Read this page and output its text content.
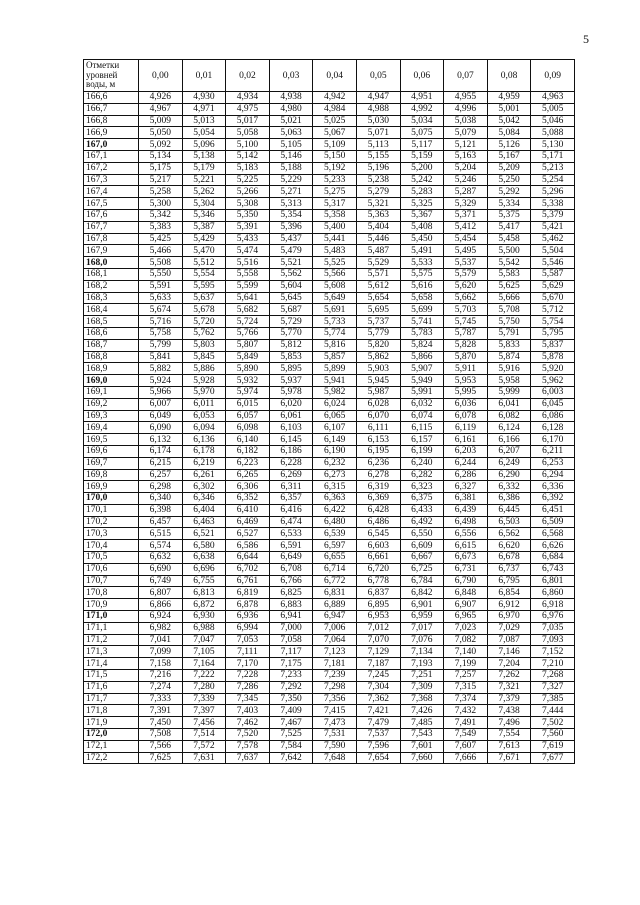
5
Отметки
уровней
воды, м	0,00	0,01	0,02	0,03	0,04	0,05	0,06	0,07	0,08	0,09
166,6	4,926	4,930	4,934	4,938	4,942	4,947	4,951	4,955	4,959	4,963
166,7	4,967	4,971	4,975	4,980	4,984	4,988	4,992	4,996	5,001	5,005
166,8	5,009	5,013	5,017	5,021	5,025	5,030	5,034	5,038	5,042	5,046
166,9	5,050	5,054	5,058	5,063	5,067	5,071	5,075	5,079	5,084	5,088
167,0	5,092	5,096	5,100	5,105	5,109	5,113	5,117	5,121	5,126	5,130
167,1	5,134	5,138	5,142	5,146	5,150	5,155	5,159	5,163	5,167	5,171
167,2	5,175	5,179	5,183	5,188	5,192	5,196	5,200	5,204	5,209	5,213
167,3	5,217	5,221	5,225	5,229	5,233	5,238	5,242	5,246	5,250	5,254
167,4	5,258	5,262	5,266	5,271	5,275	5,279	5,283	5,287	5,292	5,296
167,5	5,300	5,304	5,308	5,313	5,317	5,321	5,325	5,329	5,334	5,338
167,6	5,342	5,346	5,350	5,354	5,358	5,363	5,367	5,371	5,375	5,379
167,7	5,383	5,387	5,391	5,396	5,400	5,404	5,408	5,412	5,417	5,421
167,8	5,425	5,429	5,433	5,437	5,441	5,446	5,450	5,454	5,458	5,462
167,9	5,466	5,470	5,474	5,479	5,483	5,487	5,491	5,495	5,500	5,504
168,0	5,508	5,512	5,516	5,521	5,525	5,529	5,533	5,537	5,542	5,546
168,1	5,550	5,554	5,558	5,562	5,566	5,571	5,575	5,579	5,583	5,587
168,2	5,591	5,595	5,599	5,604	5,608	5,612	5,616	5,620	5,625	5,629
168,3	5,633	5,637	5,641	5,645	5,649	5,654	5,658	5,662	5,666	5,670
168,4	5,674	5,678	5,682	5,687	5,691	5,695	5,699	5,703	5,708	5,712
168,5	5,716	5,720	5,724	5,729	5,733	5,737	5,741	5,745	5,750	5,754
168,6	5,758	5,762	5,766	5,770	5,774	5,779	5,783	5,787	5,791	5,795
168,7	5,799	5,803	5,807	5,812	5,816	5,820	5,824	5,828	5,833	5,837
168,8	5,841	5,845	5,849	5,853	5,857	5,862	5,866	5,870	5,874	5,878
168,9	5,882	5,886	5,890	5,895	5,899	5,903	5,907	5,911	5,916	5,920
169,0	5,924	5,928	5,932	5,937	5,941	5,945	5,949	5,953	5,958	5,962
169,1	5,966	5,970	5,974	5,978	5,982	5,987	5,991	5,995	5,999	6,003
169,2	6,007	6,011	6,015	6,020	6,024	6,028	6,032	6,036	6,041	6,045
169,3	6,049	6,053	6,057	6,061	6,065	6,070	6,074	6,078	6,082	6,086
169,4	6,090	6,094	6,098	6,103	6,107	6,111	6,115	6,119	6,124	6,128
169,5	6,132	6,136	6,140	6,145	6,149	6,153	6,157	6,161	6,166	6,170
169,6	6,174	6,178	6,182	6,186	6,190	6,195	6,199	6,203	6,207	6,211
169,7	6,215	6,219	6,223	6,228	6,232	6,236	6,240	6,244	6,249	6,253
169,8	6,257	6,261	6,265	6,269	6,273	6,278	6,282	6,286	6,290	6,294
169,9	6,298	6,302	6,306	6,311	6,315	6,319	6,323	6,327	6,332	6,336
170,0	6,340	6,346	6,352	6,357	6,363	6,369	6,375	6,381	6,386	6,392
170,1	6,398	6,404	6,410	6,416	6,422	6,428	6,433	6,439	6,445	6,451
170,2	6,457	6,463	6,469	6,474	6,480	6,486	6,492	6,498	6,503	6,509
170,3	6,515	6,521	6,527	6,533	6,539	6,545	6,550	6,556	6,562	6,568
170,4	6,574	6,580	6,586	6,591	6,597	6,603	6,609	6,615	6,620	6,626
170,5	6,632	6,638	6,644	6,649	6,655	6,661	6,667	6,673	6,678	6,684
170,6	6,690	6,696	6,702	6,708	6,714	6,720	6,725	6,731	6,737	6,743
170,7	6,749	6,755	6,761	6,766	6,772	6,778	6,784	6,790	6,795	6,801
170,8	6,807	6,813	6,819	6,825	6,831	6,837	6,842	6,848	6,854	6,860
170,9	6,866	6,872	6,878	6,883	6,889	6,895	6,901	6,907	6,912	6,918
171,0	6,924	6,930	6,936	6,941	6,947	6,953	6,959	6,965	6,970	6,976
171,1	6,982	6,988	6,994	7,000	7,006	7,012	7,017	7,023	7,029	7,035
171,2	7,041	7,047	7,053	7,058	7,064	7,070	7,076	7,082	7,087	7,093
171,3	7,099	7,105	7,111	7,117	7,123	7,129	7,134	7,140	7,146	7,152
171,4	7,158	7,164	7,170	7,175	7,181	7,187	7,193	7,199	7,204	7,210
171,5	7,216	7,222	7,228	7,233	7,239	7,245	7,251	7,257	7,262	7,268
171,6	7,274	7,280	7,286	7,292	7,298	7,304	7,309	7,315	7,321	7,327
171,7	7,333	7,339	7,345	7,350	7,356	7,362	7,368	7,374	7,379	7,385
171,8	7,391	7,397	7,403	7,409	7,415	7,421	7,426	7,432	7,438	7,444
171,9	7,450	7,456	7,462	7,467	7,473	7,479	7,485	7,491	7,496	7,502
172,0	7,508	7,514	7,520	7,525	7,531	7,537	7,543	7,549	7,554	7,560
172,1	7,566	7,572	7,578	7,584	7,590	7,596	7,601	7,607	7,613	7,619
172,2	7,625	7,631	7,637	7,642	7,648	7,654	7,660	7,666	7,671	7,677
